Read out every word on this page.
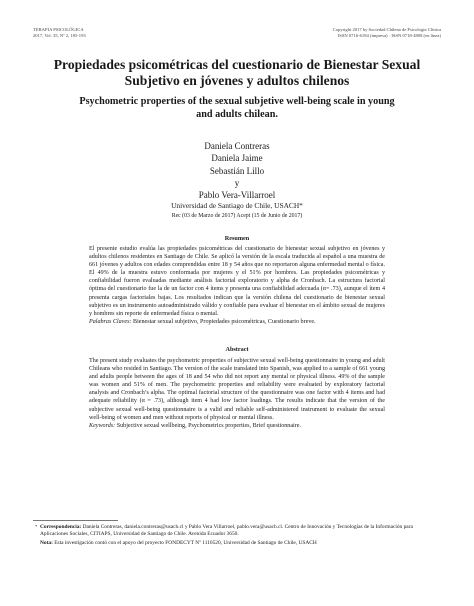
TERAPIA PSICOLÓGICA
2017, Vol. 35, Nº 2, 185-193
Copyright 2017 by Sociedad Chilena de Psicología Clínica
ISSN 0716-6184 (impresa) · ISSN 0718-4808 (en línea)
Propiedades psicométricas del cuestionario de Bienestar Sexual Subjetivo en jóvenes y adultos chilenos
Psychometric properties of the sexual subjetive well-being scale in young and adults chilean.
Daniela Contreras
Daniela Jaime
Sebastián Lillo
y
Pablo Vera-Villarroel
Universidad de Santiago de Chile, USACH*
Rec (03 de Marzo de 2017) Acept (15 de Junio de 2017)
Resumen

El presente estudio evalúa las propiedades psicométricas del cuestionario de bienestar sexual subjetivo en jóvenes y adultos chilenos residentes en Santiago de Chile. Se aplicó la versión de la escala traducida al español a una muestra de 661 jóvenes y adultos con edades comprendidas entre 18 y 54 años que no reportaron alguna enfermedad mental o física. El 49% de la muestra estuvo conformada por mujeres y el 51% por hombres. Las propiedades psicométricas y confiabilidad fueron evaluadas mediante análisis factorial exploratorio y alpha de Cronbach. La estructura factorial óptima del cuestionario fue la de un factor con 4 ítems y presenta una confiabilidad adecuada (α= .73), aunque el ítem 4 presenta cargas factoriales bajas. Los resultados indican que la versión chilena del cuestionario de bienestar sexual subjetivo es un instrumento autoadministrado válido y confiable para evaluar el bienestar en el ámbito sexual de mujeres y hombres sin reporte de enfermedad física o mental.

Palabras Claves: Bienestar sexual subjetivo, Propiedades psicométricas, Cuestionario breve.

Abstract

The present study evaluates the psychometric properties of subjective sexual well-being questionnaire in young and adult Chileans who resided in Santiago. The version of the scale translated into Spanish, was applied to a sample of 661 young and adults people between the ages of 18 and 54 who did not report any mental or physical illness. 49% of the sample was women and 51% of men. The psychometric properties and reliability were evaluated by exploratory factorial analysis and Cronbach’s alpha. The optimal factorial structure of the questionnaire was one factor with 4 items and had adequate reliability (α = .73), although item 4 had low factor loadings. The results indicate that the version of the subjective sexual well-being questionnaire is a valid and reliable self-administered instrument to evaluate the sexual well-being of women and men without reports of physical or mental illness.

Keywords: Subjective sexual wellbeing, Psychometrics properties, Brief questionnaire.

* Correspondencia: Daniela Contreras, daniela.contreras@usach.cl y Pablo Vera Villarroel, pablo.vera@usach.cl. Centro de Innovación y Tecnologías de la Información para Aplicaciones Sociales, CITIAPS, Universidad de Santiago de Chile. Avenida Ecuador 3650.
Nota: Esta investigación contó con el apoyo del proyecto FONDECYT Nº 1110520, Universidad de Santiago de Chile, USACH
